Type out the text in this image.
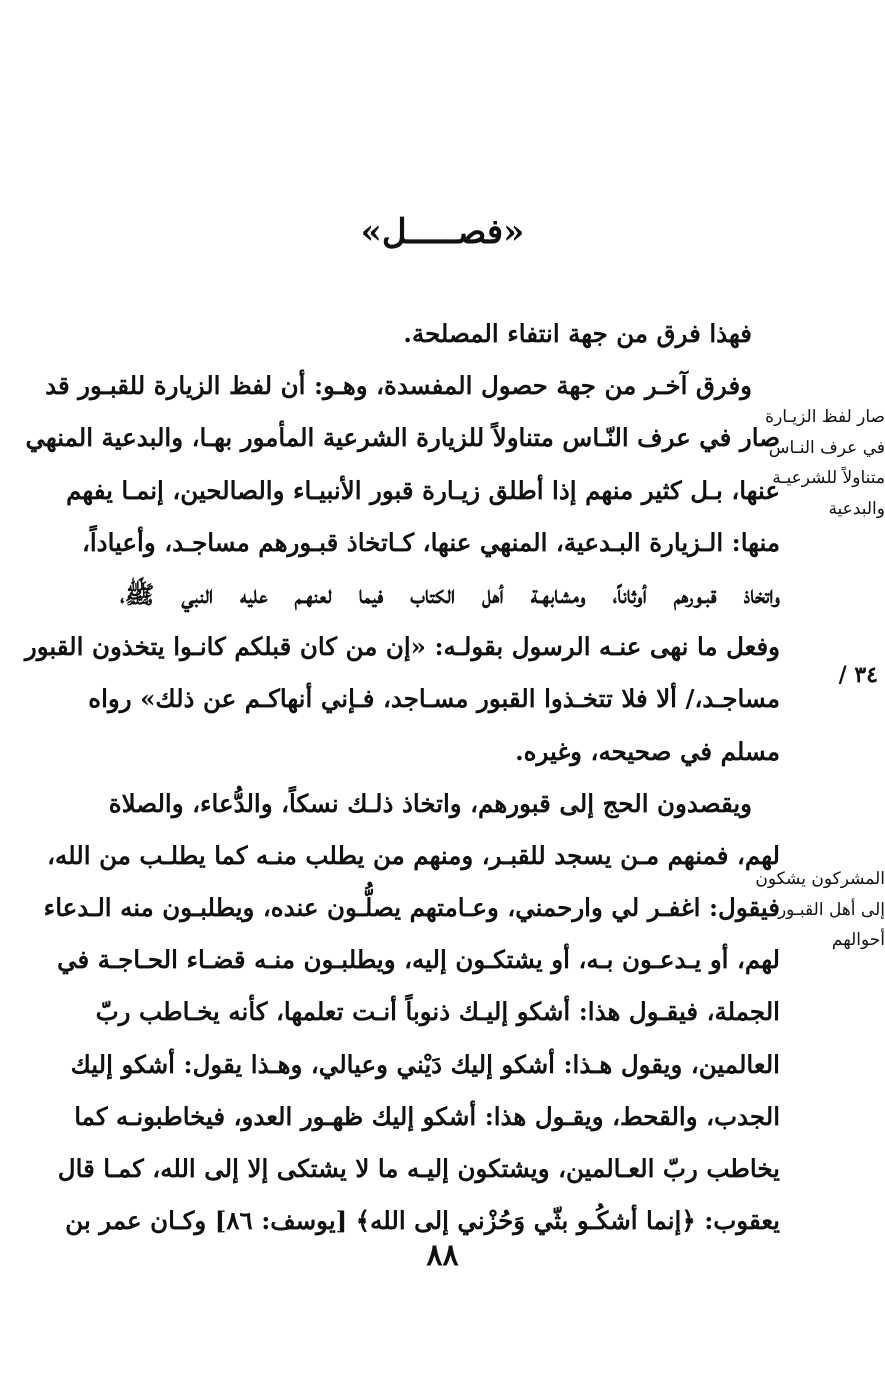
«فصـــــل»
فهذا فرق من جهة انتفاء المصلحة.
وفرق آخـر من جهة حصول المفسدة، وهـو: أن لفظ الزيارة للقبـور قد
صار في عرف النّـاس متناولاً للزيارة الشرعية المأمور بهـا، والبدعية المنهي
عنها، بـل كثير منهم إذا أطلق زيـارة قبور الأنبيـاء والصالحين، إنمـا يفهم
منها: الـزيارة البـدعية، المنهي عنها، كـاتخاذ قبـورهم مساجـد، وأعياداً،
واتخاذ قبـورهم أوثاناً، ومشابهـة أهل الكتاب فيما لعنهـم عليه النبي ﷺ،
وفعل ما نهى عنـه الرسول بقولـه: «إن من كان قبلكم كانـوا يتخذون القبور
مساجـد،/ ألا فلا تتخـذوا القبور مسـاجد، فـإني أنهاكـم عن ذلك» رواه
مسلم في صحيحه، وغيره.
ويقصدون الحج إلى قبورهم، واتخاذ ذلـك نسكاً، والدُّعاء، والصلاة
لهم، فمنهم مـن يسجد للقبـر، ومنهم من يطلب منـه كما يطلـب من الله،
فيقول: اغفـر لي وارحمني، وعـامتهم يصلُّـون عنده، ويطلبـون منه الـدعاء
لهم، أو يـدعـون بـه، أو يشتكـون إليه، ويطلبـون منـه قضـاء الحـاجـة في
الجملة، فيقـول هذا: أشكو إليـك ذنوباً أنـت تعلمها، كأنه يخـاطب ربّ
العالمين، ويقول هـذا: أشكو إليك دَيْني وعيالي، وهـذا يقول: أشكو إليك
الجدب، والقحط، ويقـول هذا: أشكو إليك ظهـور العدو، فيخاطبونـه كما
يخاطب ربّ العـالمين، ويشتكون إليـه ما لا يشتكى إلا إلى الله، كمـا قال
يعقوب: ﴿إنما أشكُـو بثّي وَحُزْني إلى الله﴾ [يوسف: ٨٦] وكـان عمر بن
صار لفظ الزيـارة
في عرف النـاس
متناولاً للشرعيـة
والبدعية
٣٤ /
المشركون يشكون
إلى أهل القبـور
أحوالهم
٨٨
